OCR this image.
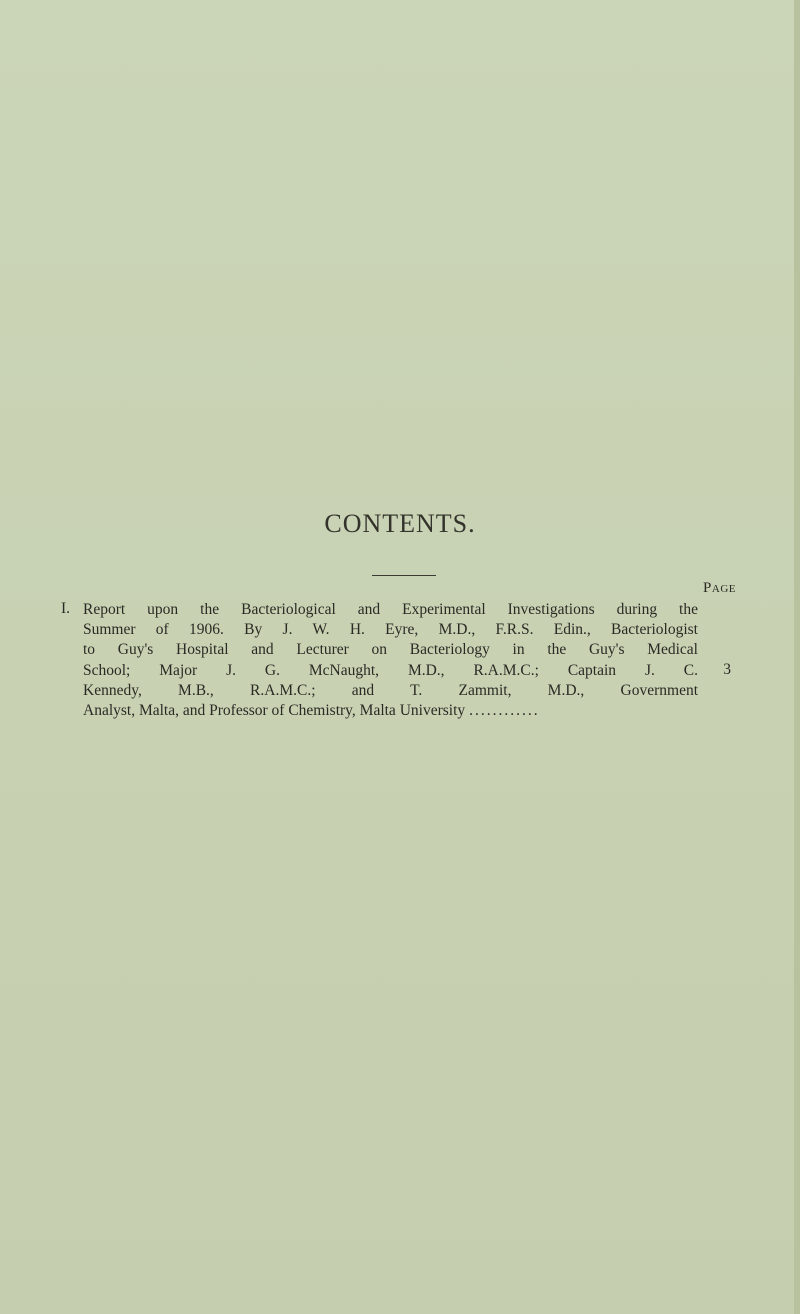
CONTENTS.
Page
I. Report upon the Bacteriological and Experimental Investigations during the
Summer of 1906. By J. W. H. Eyre, M.D., F.R.S. Edin., Bacteriologist
to Guy's Hospital and Lecturer on Bacteriology in the Guy's Medical
School; Major J. G. McNaught, M.D., R.A.M.C.; Captain J. C.
Kennedy, M.B., R.A.M.C.; and T. Zammit, M.D., Government
Analyst, Malta, and Professor of Chemistry, Malta University ............
3
